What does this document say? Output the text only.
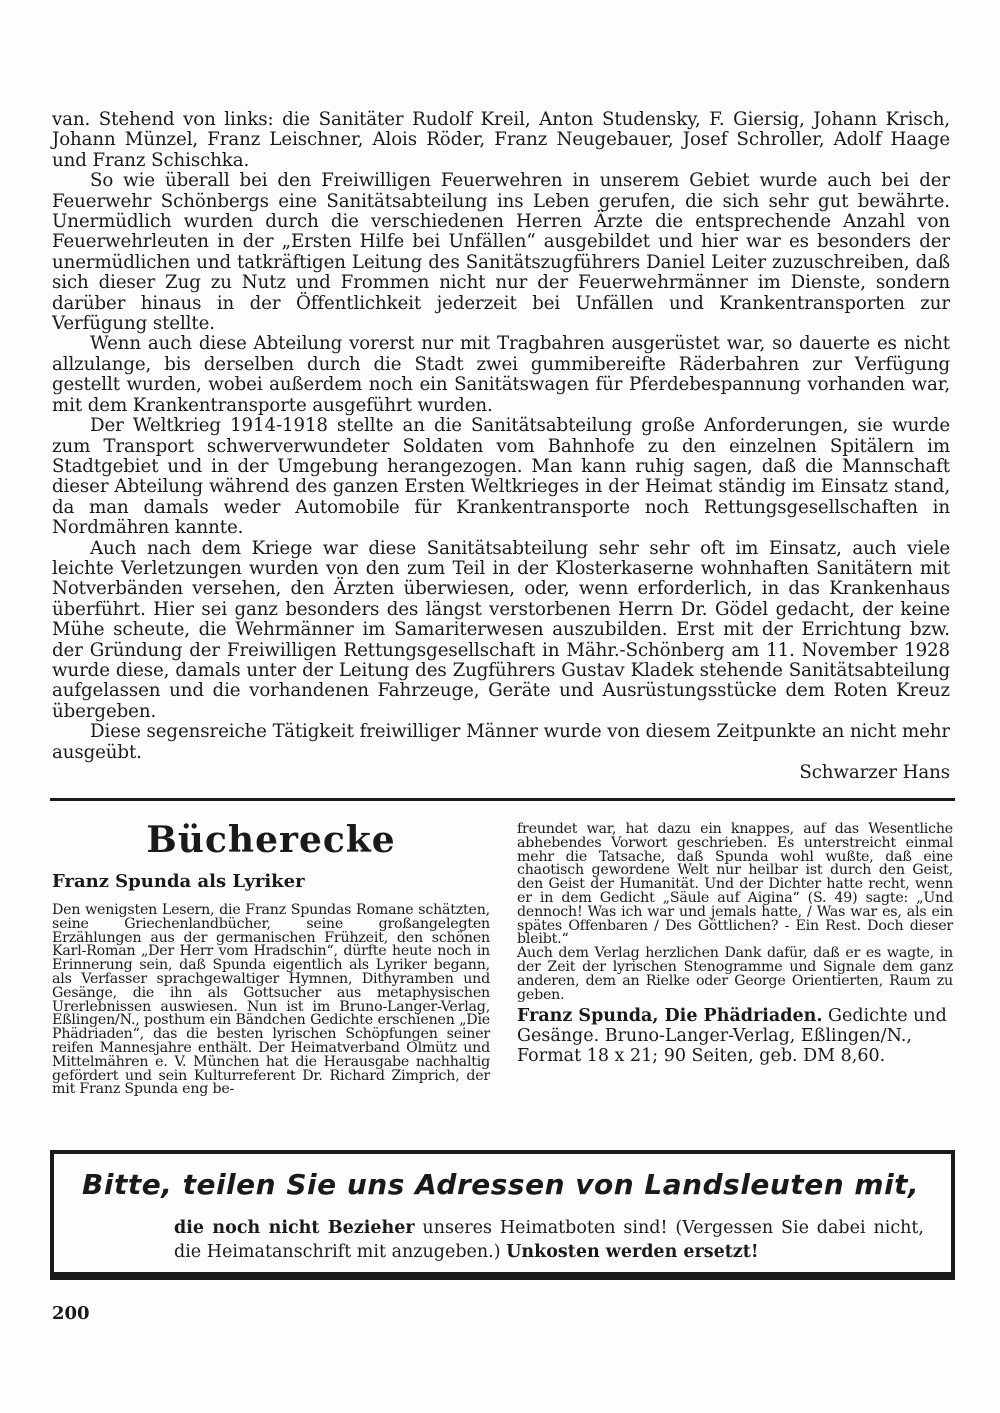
van. Stehend von links: die Sanitäter Rudolf Kreil, Anton Studensky, F. Giersig, Johann Krisch, Johann Münzel, Franz Leischner, Alois Röder, Franz Neugebauer, Josef Schroller, Adolf Haage und Franz Schischka.

So wie überall bei den Freiwilligen Feuerwehren in unserem Gebiet wurde auch bei der Feuerwehr Schönbergs eine Sanitätsabteilung ins Leben gerufen, die sich sehr gut bewährte. Unermüdlich wurden durch die verschiedenen Herren Ärzte die entsprechende Anzahl von Feuerwehrleuten in der „Ersten Hilfe bei Unfällen“ ausgebildet und hier war es besonders der unermüdlichen und tatkräftigen Leitung des Sanitätszugführers Daniel Leiter zuzuschreiben, daß sich dieser Zug zu Nutz und Frommen nicht nur der Feuerwehrmänner im Dienste, sondern darüber hinaus in der Öffentlichkeit jederzeit bei Unfällen und Krankentransporten zur Verfügung stellte.

Wenn auch diese Abteilung vorerst nur mit Tragbahren ausgerüstet war, so dauerte es nicht allzulange, bis derselben durch die Stadt zwei gummibereifte Räderbahren zur Verfügung gestellt wurden, wobei außerdem noch ein Sanitätswagen für Pferdebespannung vorhanden war, mit dem Krankentransporte ausgeführt wurden.

Der Weltkrieg 1914-1918 stellte an die Sanitätsabteilung große Anforderungen, sie wurde zum Transport schwerverwundeter Soldaten vom Bahnhofe zu den einzelnen Spitälern im Stadtgebiet und in der Umgebung herangezogen. Man kann ruhig sagen, daß die Mannschaft dieser Abteilung während des ganzen Ersten Weltkrieges in der Heimat ständig im Einsatz stand, da man damals weder Automobile für Krankentransporte noch Rettungsgesellschaften in Nordmähren kannte.

Auch nach dem Kriege war diese Sanitätsabteilung sehr sehr oft im Einsatz, auch viele leichte Verletzungen wurden von den zum Teil in der Klosterkaserne wohnhaften Sanitätern mit Notverbänden versehen, den Ärzten überwiesen, oder, wenn erforderlich, in das Krankenhaus überführt. Hier sei ganz besonders des längst verstorbenen Herrn Dr. Gödel gedacht, der keine Mühe scheute, die Wehrmänner im Samariterwesen auszubilden. Erst mit der Errichtung bzw. der Gründung der Freiwilligen Rettungsgesellschaft in Mähr.-Schönberg am 11. November 1928 wurde diese, damals unter der Leitung des Zugführers Gustav Kladek stehende Sanitätsabteilung aufgelassen und die vorhandenen Fahrzeuge, Geräte und Ausrüstungsstücke dem Roten Kreuz übergeben.

Diese segensreiche Tätigkeit freiwilliger Männer wurde von diesem Zeitpunkte an nicht mehr ausgeübt.

Schwarzer Hans
Bücherecke
Franz Spunda als Lyriker

Den wenigsten Lesern, die Franz Spundas Romane schätzten, seine Griechenlandbücher, seine großangelegten Erzählungen aus der germanischen Frühzeit, den schönen Karl-Roman „Der Herr vom Hradschin“, dürfte heute noch in Erinnerung sein, daß Spunda eigentlich als Lyriker begann, als Verfasser sprachgewaltiger Hymnen, Dithyramben und Gesänge, die ihn als Gottsucher aus metaphysischen Urerlebnissen auswiesen. Nun ist im Bruno-Langer-Verlag, Eßlingen/N., posthum ein Bändchen Gedichte erschienen „Die Phädriaden“, das die besten lyrischen Schöpfungen seiner reifen Mannesjahre enthält. Der Heimatverband Olmütz und Mittelmähren e. V. München hat die Herausgabe nachhaltig gefördert und sein Kulturreferent Dr. Richard Zimprich, der mit Franz Spunda eng be-

freundet war, hat dazu ein knappes, auf das Wesentliche abhebendes Vorwort geschrieben. Es unterstreicht einmal mehr die Tatsache, daß Spunda wohl wußte, daß eine chaotisch gewordene Welt nur heilbar ist durch den Geist, den Geist der Humanität. Und der Dichter hatte recht, wenn er in dem Gedicht „Säule auf Aigina“ (S. 49) sagte: „Und dennoch! Was ich war und jemals hatte, / Was war es, als ein spätes Offenbaren / Des Göttlichen? - Ein Rest. Doch dieser bleibt.“

Auch dem Verlag herzlichen Dank dafür, daß er es wagte, in der Zeit der lyrischen Stenogramme und Signale dem ganz anderen, dem an Rielke oder George Orientierten, Raum zu geben.

Franz Spunda, Die Phädriaden. Gedichte und Gesänge. Bruno-Langer-Verlag, Eßlingen/N., Format 18 x 21; 90 Seiten, geb. DM 8,60.

Bitte, teilen Sie uns Adressen von Landsleuten mit,
die noch nicht Bezieher unseres Heimatboten sind! (Vergessen Sie dabei nicht, die Heimatanschrift mit anzugeben.) Unkosten werden ersetzt!
200
